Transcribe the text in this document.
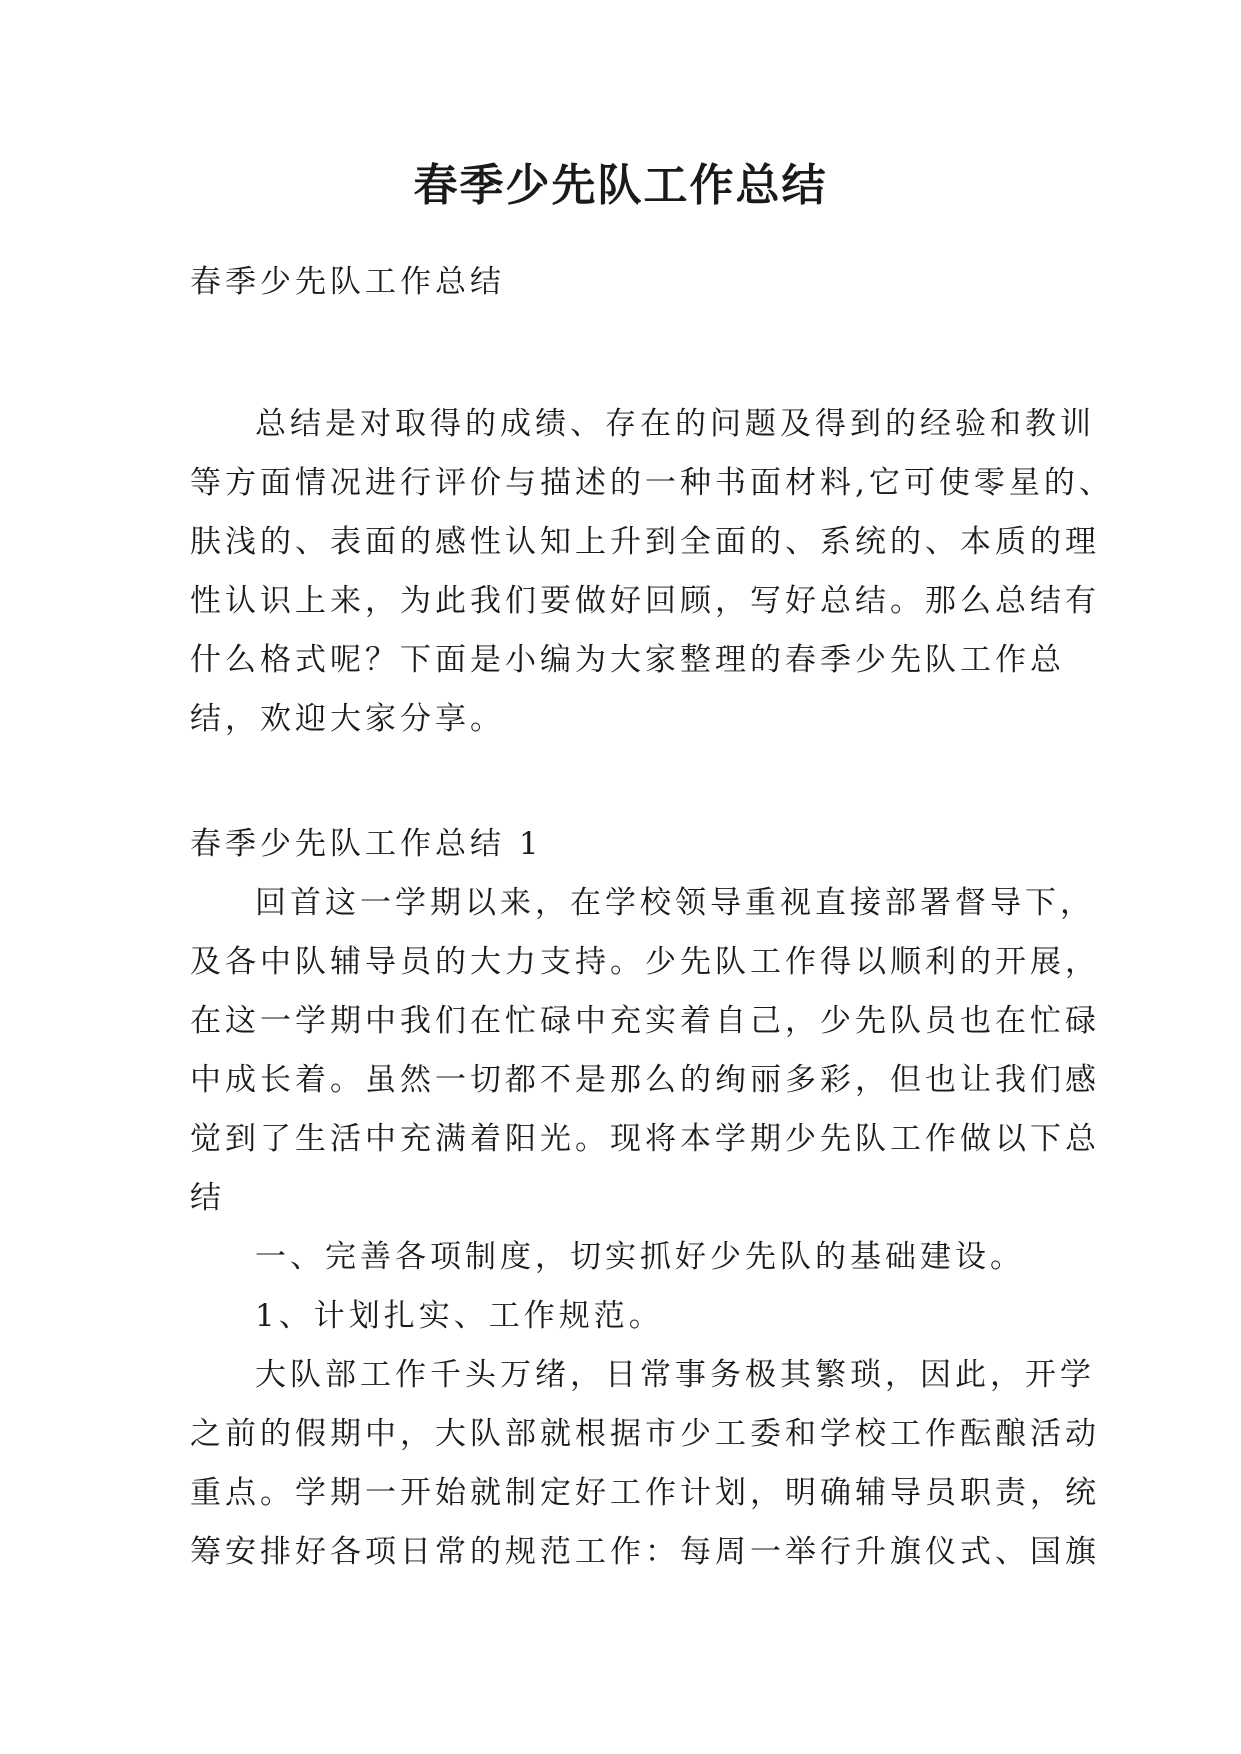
春季少先队工作总结
春季少先队工作总结
总结是对取得的成绩、存在的问题及得到的经验和教训
等方面情况进行评价与描述的一种书面材料,它可使零星的、
肤浅的、表面的感性认知上升到全面的、系统的、本质的理
性认识上来，为此我们要做好回顾，写好总结。那么总结有
什么格式呢？下面是小编为大家整理的春季少先队工作总
结，欢迎大家分享。
春季少先队工作总结 1
回首这一学期以来，在学校领导重视直接部署督导下，
及各中队辅导员的大力支持。少先队工作得以顺利的开展，
在这一学期中我们在忙碌中充实着自己，少先队员也在忙碌
中成长着。虽然一切都不是那么的绚丽多彩，但也让我们感
觉到了生活中充满着阳光。现将本学期少先队工作做以下总
结
一、完善各项制度，切实抓好少先队的基础建设。
1、计划扎实、工作规范。
大队部工作千头万绪，日常事务极其繁琐，因此，开学
之前的假期中，大队部就根据市少工委和学校工作酝酿活动
重点。学期一开始就制定好工作计划，明确辅导员职责，统
筹安排好各项日常的规范工作：每周一举行升旗仪式、国旗
